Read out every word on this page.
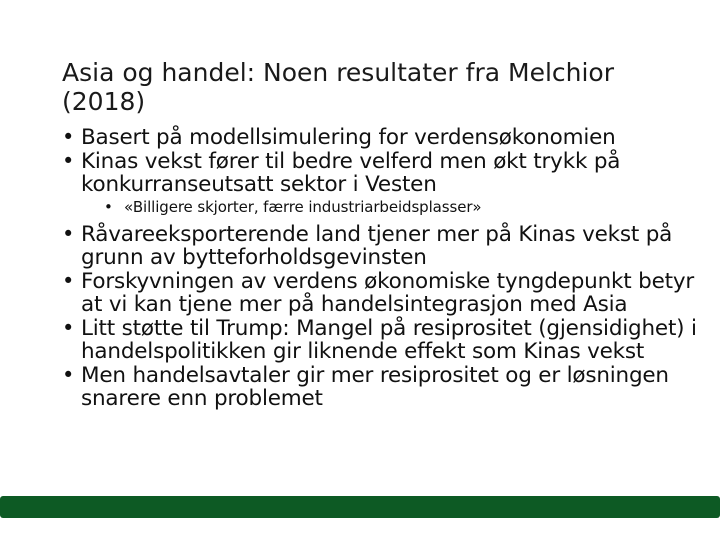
Asia og handel: Noen resultater fra Melchior (2018)
• Basert på modellsimulering for verdensøkonomien
• Kinas vekst fører til bedre velferd men økt trykk på konkurranseutsatt sektor i Vesten
• «Billigere skjorter, færre industriarbeidsplasser»
• Råvareeksporterende land tjener mer på Kinas vekst på grunn av bytteforholdsgevinsten
• Forskyvningen av verdens økonomiske tyngdepunkt betyr at vi kan tjene mer på handelsintegrasjon med Asia
• Litt støtte til Trump: Mangel på resiprositet (gjensidighet) i handelspolitikken gir liknende effekt som Kinas vekst
• Men handelsavtaler gir mer resiprositet og er løsningen snarere enn problemet
